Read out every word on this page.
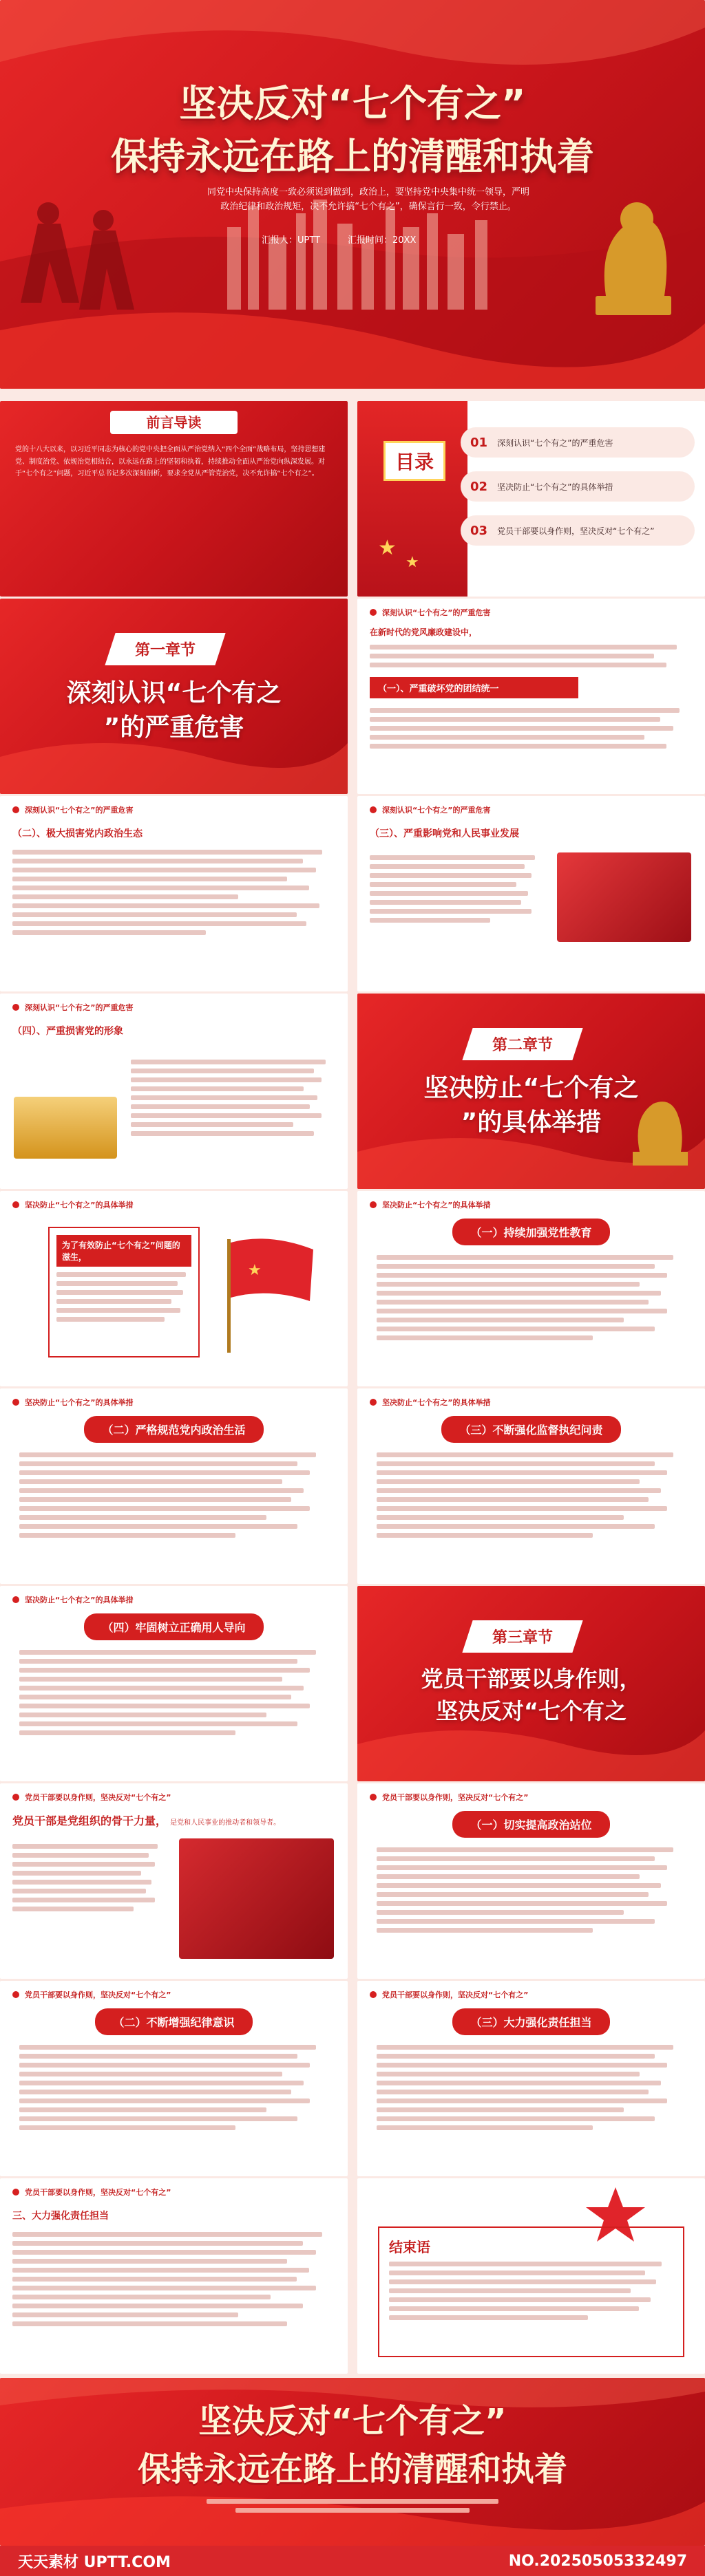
坚决反对“七个有之”
保持永远在路上的清醒和执着
同党中央保持高度一致必须说到做到，政治上，要坚持党中央集中统一领导，严明政治纪律和政治规矩，决不允许搞“七个有之”，确保言行一致，令行禁止。
汇报人：UPTT	汇报时间：20XX
前言导读
党的十八大以来，以习近平同志为核心的党中央把全面从严治党纳入“四个全面”战略布局，坚持思想建党、制度治党、依规治党相结合，以永远在路上的坚韧和执着，持续推动全面从严治党向纵深发展。对于“七个有之”问题，习近平总书记多次深刻剖析，要求全党从严管党治党，决不允许搞“七个有之”。
目录
★
★
01 深刻认识“七个有之”的严重危害
02 坚决防止“七个有之”的具体举措
03 党员干部要以身作则，坚决反对“七个有之”
第一章节
深刻认识“七个有之
”的严重危害
深刻认识“七个有之”的严重危害
在新时代的党风廉政建设中，
（一）、严重破坏党的团结统一
深刻认识“七个有之”的严重危害
（二）、极大损害党内政治生态
深刻认识“七个有之”的严重危害
（三）、严重影响党和人民事业发展
深刻认识“七个有之”的严重危害
（四）、严重损害党的形象
第二章节
坚决防止“七个有之
”的具体举措
坚决防止“七个有之”的具体举措
为了有效防止“七个有之”问题的滋生，
★
坚决防止“七个有之”的具体举措
（一）持续加强党性教育
坚决防止“七个有之”的具体举措
（二）严格规范党内政治生活
坚决防止“七个有之”的具体举措
（三）不断强化监督执纪问责
坚决防止“七个有之”的具体举措
（四）牢固树立正确用人导向
第三章节
党员干部要以身作则，
坚决反对“七个有之
党员干部要以身作则，坚决反对“七个有之”
党员干部是党组织的骨干力量， 是党和人民事业的推动者和领导者。
党员干部要以身作则，坚决反对“七个有之”
（一）切实提高政治站位
党员干部要以身作则，坚决反对“七个有之”
（二）不断增强纪律意识
党员干部要以身作则，坚决反对“七个有之”
（三）大力强化责任担当
党员干部要以身作则，坚决反对“七个有之”
三、大力强化责任担当
结束语
坚决反对“七个有之”
保持永远在路上的清醒和执着
天天素材 UPTT.COM	NO.20250505332497
